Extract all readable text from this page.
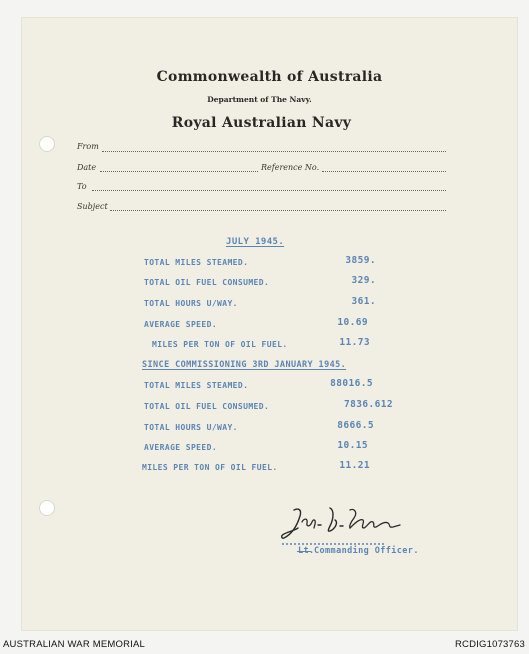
Commonwealth of Australia
Department of The Navy.
Royal Australian Navy
From
Date	Reference No.
To
Subject
JULY 1945.
TOTAL MILES STEAMED.	3859.
TOTAL OIL FUEL CONSUMED.	329.
TOTAL HOURS U/WAY.	361.
AVERAGE SPEED.	10.69
MILES PER TON OF OIL FUEL.	11.73
SINCE COMMISSIONING 3RD JANUARY 1945.
TOTAL MILES STEAMED.	88016.5
TOTAL OIL FUEL CONSUMED.	7836.612
TOTAL HOURS U/WAY.	8666.5
AVERAGE SPEED.	10.15
MILES PER TON OF OIL FUEL.	11.21
Lt. Commanding Officer.
AUSTRALIAN WAR MEMORIAL	RCDIG1073763
